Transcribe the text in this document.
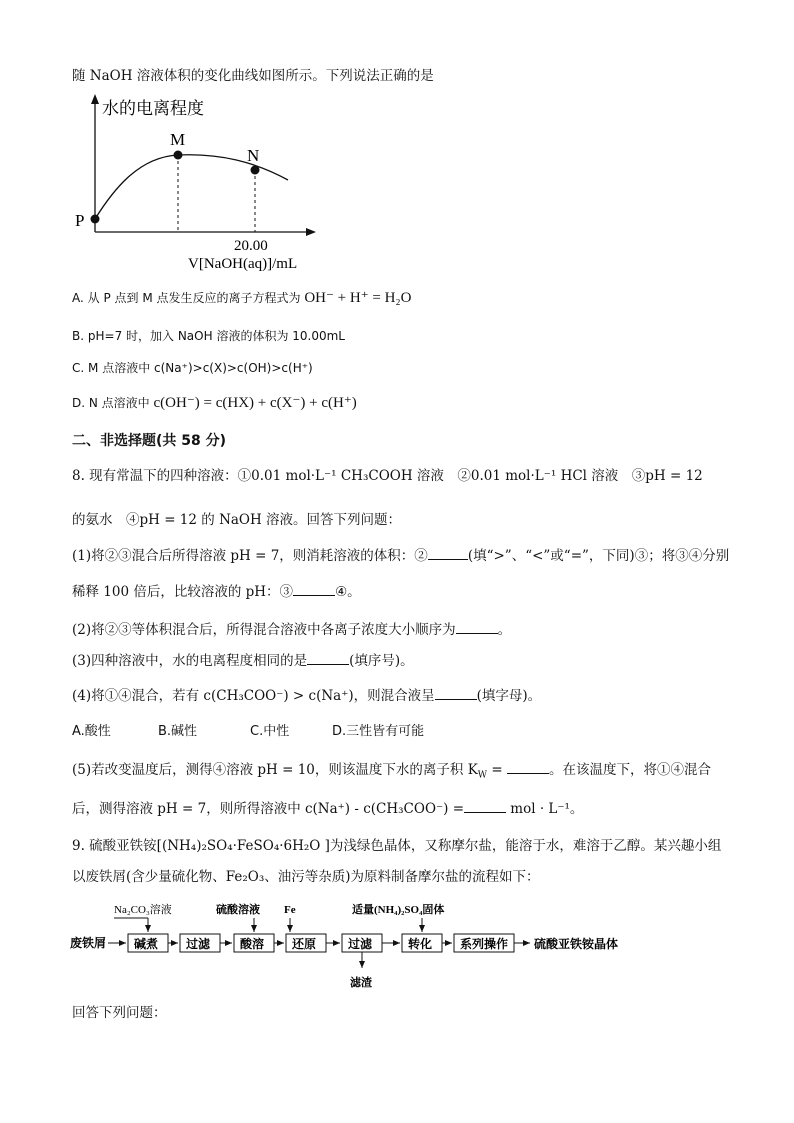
随 NaOH 溶液体积的变化曲线如图所示。下列说法正确的是
水的电离程度
P
M
N
20.00
V[NaOH(aq)]/mL
A. 从 P 点到 M 点发生反应的离子方程式为 OH⁻ + H⁺ = H₂O
B. pH=7 时，加入 NaOH 溶液的体积为 10.00mL
C. M 点溶液中 c(Na⁺)>c(X)>c(OH)>c(H⁺)
D. N 点溶液中 c(OH⁻) = c(HX) + c(X⁻) + c(H⁺)
二、非选择题(共 58 分)
8. 现有常温下的四种溶液：①0.01 mol·L⁻¹ CH₃COOH 溶液　②0.01 mol·L⁻¹ HCl 溶液　③pH = 12
的氨水　④pH = 12 的 NaOH 溶液。回答下列问题：
(1)将②③混合后所得溶液 pH = 7，则消耗溶液的体积：②	(填“>”、“<”或“=”，下同)③；将③④分别
稀释 100 倍后，比较溶液的 pH：③	④。
(2)将②③等体积混合后，所得混合溶液中各离子浓度大小顺序为	。
(3)四种溶液中，水的电离程度相同的是	(填序号)。
(4)将①④混合，若有 c(CH₃COO⁻) > c(Na⁺)，则混合液呈	(填字母)。
A.酸性	B.碱性	C.中性	D.三性皆有可能
(5)若改变温度后，测得④溶液 pH = 10，则该温度下水的离子积 $K_W$ =	。在该温度下，将①④混合
后，测得溶液 pH = 7，则所得溶液中 c(Na⁺) - c(CH₃COO⁻) =	mol · L⁻¹。
9. 硫酸亚铁铵[(NH₄)₂SO₄·FeSO₄·6H₂O ]为浅绿色晶体，又称摩尔盐，能溶于水，难溶于乙醇。某兴趣小组
以废铁屑(含少量硫化物、Fe₂O₃、油污等杂质)为原料制备摩尔盐的流程如下：
废铁屑 碱煮 过滤 酸溶 还原	过滤	转化 系列操作 硫酸亚铁铵晶体
Na₂CO₃溶液	硫酸溶液 Fe	适量(NH₄)₂SO₄固体
滤渣
回答下列问题：
